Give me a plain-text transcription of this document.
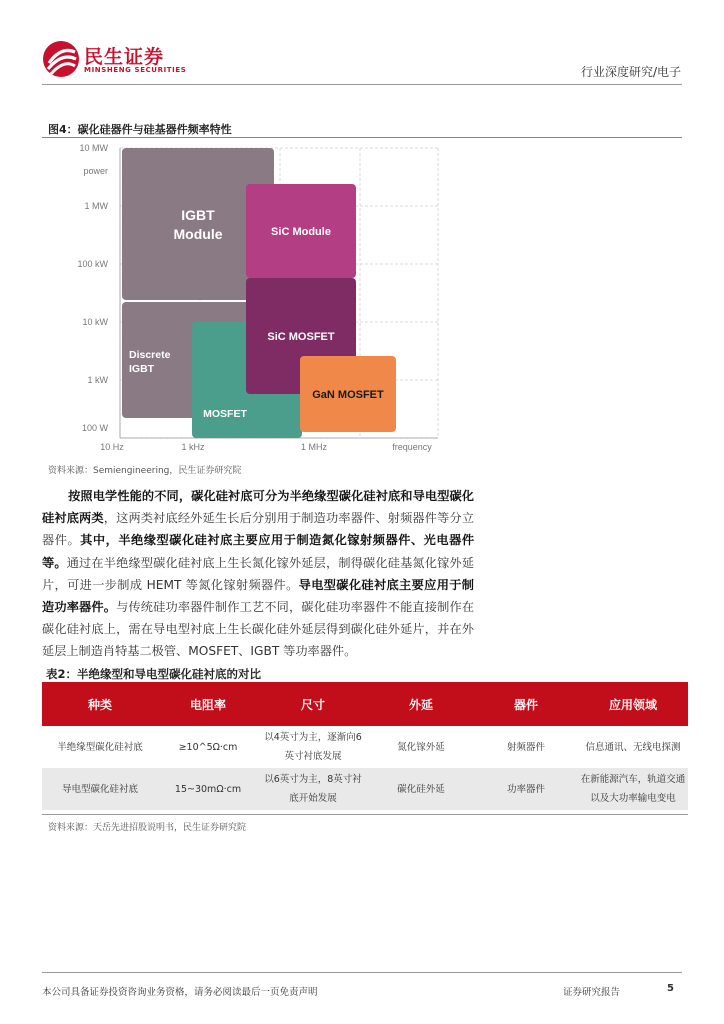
民生证券
MINSHENG SECURITIES	行业深度研究/电子
图4：碳化硅器件与硅基器件频率特性
10 MW
power
1 MW
100 kW
10 kW
1 kW
100 W
10 Hz	1 kHz	1 MHz	frequency
IGBT
Module
Discrete
IGBT
MOSFET
SiC Module
SiC MOSFET
GaN MOSFET
资料来源：Semiengineering，民生证券研究院
按照电学性能的不同，碳化硅衬底可分为半绝缘型碳化硅衬底和导电型碳化硅衬底两类，这两类衬底经外延生长后分别用于制造功率器件、射频器件等分立器件。其中，半绝缘型碳化硅衬底主要应用于制造氮化镓射频器件、光电器件等。通过在半绝缘型碳化硅衬底上生长氮化镓外延层，制得碳化硅基氮化镓外延片，可进一步制成 HEMT 等氮化镓射频器件。导电型碳化硅衬底主要应用于制造功率器件。与传统硅功率器件制作工艺不同，碳化硅功率器件不能直接制作在碳化硅衬底上，需在导电型衬底上生长碳化硅外延层得到碳化硅外延片，并在外延层上制造肖特基二极管、MOSFET、IGBT 等功率器件。
表2：半绝缘型和导电型碳化硅衬底的对比
种类	电阻率	尺寸	外延	器件	应用领域
半绝缘型碳化硅衬底	≥10^5Ω·cm	以4英寸为主，逐渐向6英寸衬底发展	氮化镓外延	射频器件	信息通讯、无线电探测
导电型碳化硅衬底	15~30mΩ·cm	以6英寸为主，8英寸衬底开始发展	碳化硅外延	功率器件	在新能源汽车，轨道交通以及大功率输电变电
资料来源：天岳先进招股说明书，民生证券研究院
本公司具备证券投资咨询业务资格，请务必阅读最后一页免责声明	证券研究报告	5
